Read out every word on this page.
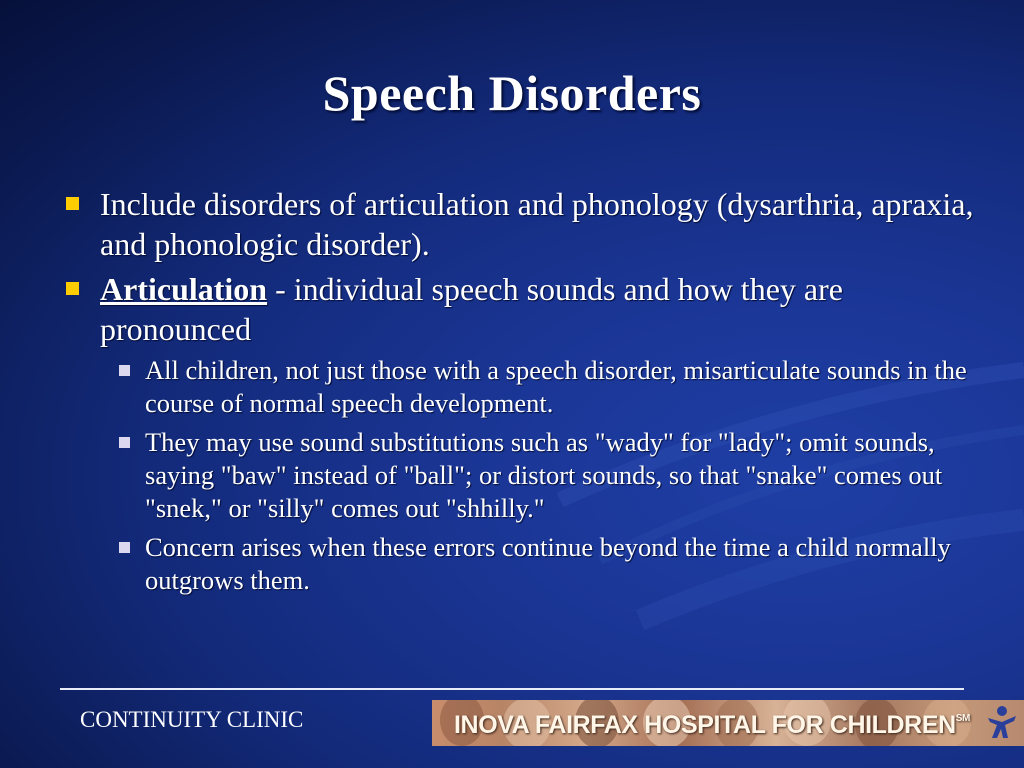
Speech Disorders
Include disorders of articulation and phonology (dysarthria, apraxia, and phonologic disorder).
Articulation - individual speech sounds and how they are pronounced
All children, not just those with a speech disorder, misarticulate sounds in the course of normal speech development.
They may use sound substitutions such as "wady" for "lady"; omit sounds, saying "baw" instead of "ball"; or distort sounds, so that "snake" comes out "snek," or "silly" comes out "shhilly."
Concern arises when these errors continue beyond the time a child normally outgrows them.
CONTINUITY CLINIC	INOVA FAIRFAX HOSPITAL FOR CHILDREN℠
